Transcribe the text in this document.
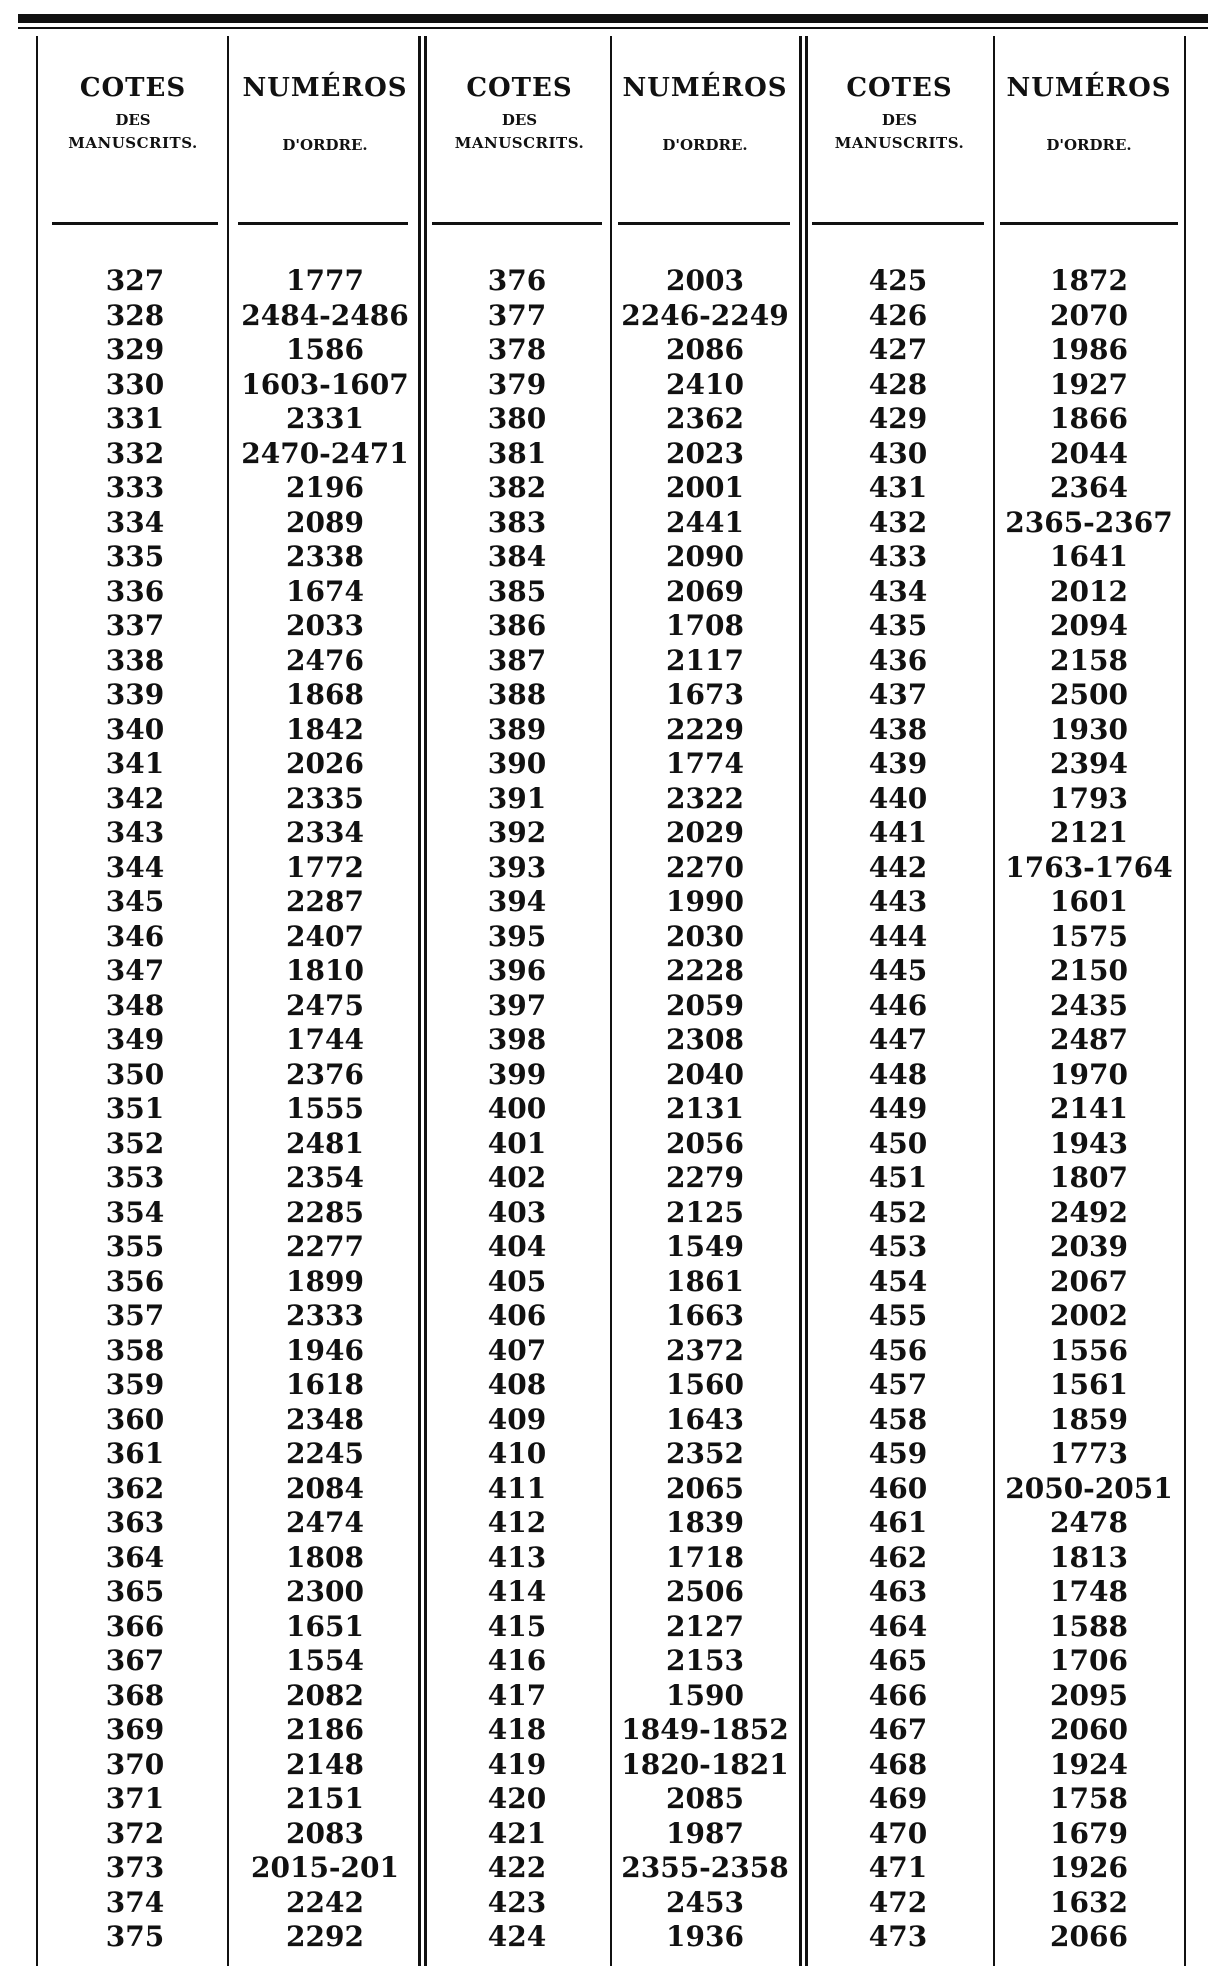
COTES
DES
MANUSCRITS.
NUMÉROS
D'ORDRE.
COTES
DES
MANUSCRITS.
NUMÉROS
D'ORDRE.
COTES
DES
MANUSCRITS.
NUMÉROS
D'ORDRE.
327
328
329
330
331
332
333
334
335
336
337
338
339
340
341
342
343
344
345
346
347
348
349
350
351
352
353
354
355
356
357
358
359
360
361
362
363
364
365
366
367
368
369
370
371
372
373
374
375
1777
2484-2486
1586
1603-1607
2331
2470-2471
2196
2089
2338
1674
2033
2476
1868
1842
2026
2335
2334
1772
2287
2407
1810
2475
1744
2376
1555
2481
2354
2285
2277
1899
2333
1946
1618
2348
2245
2084
2474
1808
2300
1651
1554
2082
2186
2148
2151
2083
2015-201
2242
2292
376
377
378
379
380
381
382
383
384
385
386
387
388
389
390
391
392
393
394
395
396
397
398
399
400
401
402
403
404
405
406
407
408
409
410
411
412
413
414
415
416
417
418
419
420
421
422
423
424
2003
2246-2249
2086
2410
2362
2023
2001
2441
2090
2069
1708
2117
1673
2229
1774
2322
2029
2270
1990
2030
2228
2059
2308
2040
2131
2056
2279
2125
1549
1861
1663
2372
1560
1643
2352
2065
1839
1718
2506
2127
2153
1590
1849-1852
1820-1821
2085
1987
2355-2358
2453
1936
425
426
427
428
429
430
431
432
433
434
435
436
437
438
439
440
441
442
443
444
445
446
447
448
449
450
451
452
453
454
455
456
457
458
459
460
461
462
463
464
465
466
467
468
469
470
471
472
473
1872
2070
1986
1927
1866
2044
2364
2365-2367
1641
2012
2094
2158
2500
1930
2394
1793
2121
1763-1764
1601
1575
2150
2435
2487
1970
2141
1943
1807
2492
2039
2067
2002
1556
1561
1859
1773
2050-2051
2478
1813
1748
1588
1706
2095
2060
1924
1758
1679
1926
1632
2066
